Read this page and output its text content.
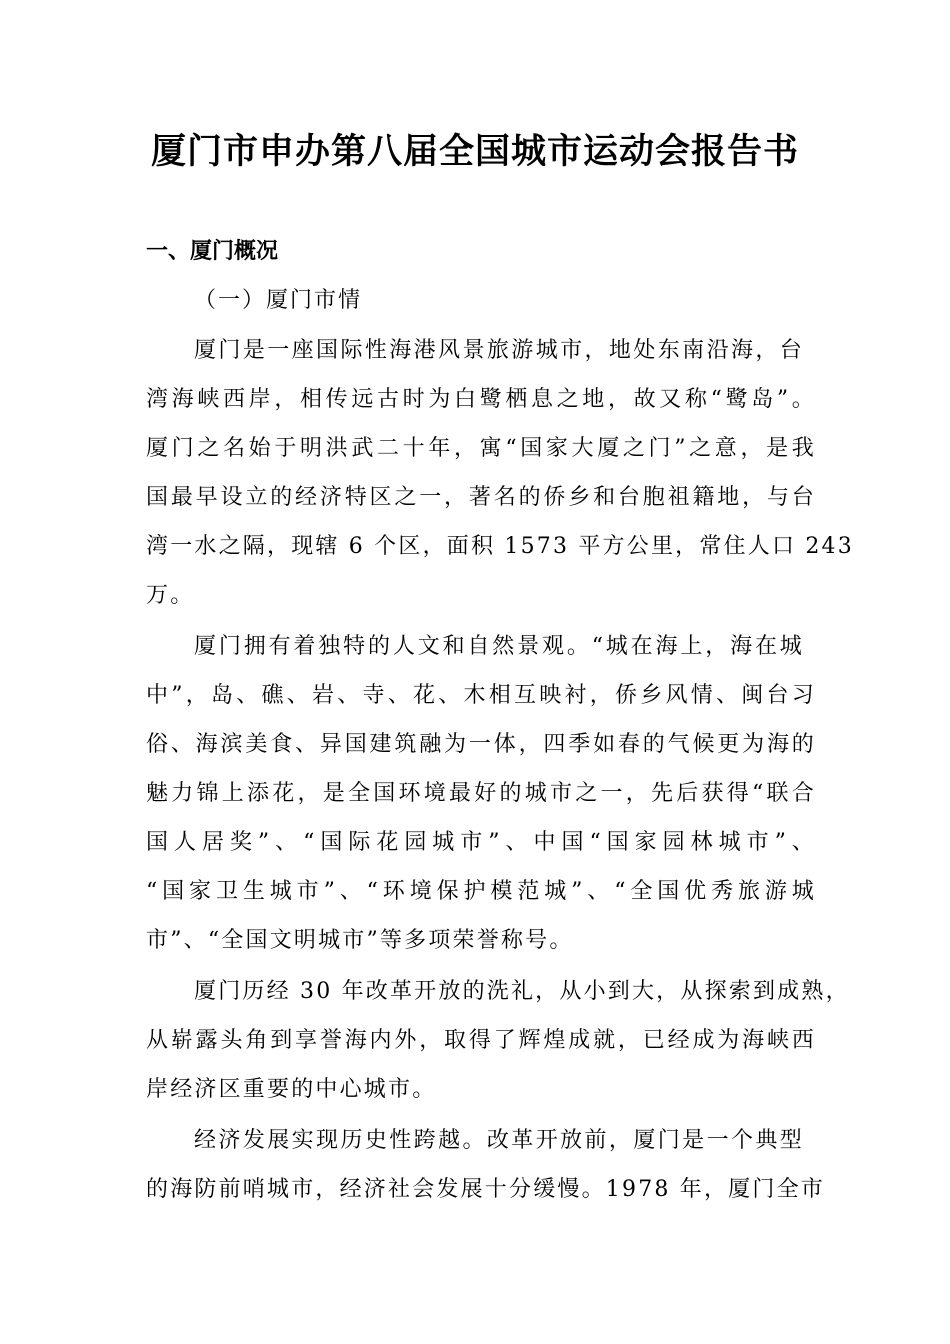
厦门市申办第八届全国城市运动会报告书
一、厦门概况
（一）厦门市情
厦门是一座国际性海港风景旅游城市，地处东南沿海，台
湾海峡西岸，相传远古时为白鹭栖息之地，故又称“鹭岛”。
厦门之名始于明洪武二十年，寓“国家大厦之门”之意，是我
国最早设立的经济特区之一，著名的侨乡和台胞祖籍地，与台
湾一水之隔，现辖 6 个区，面积 1573 平方公里，常住人口 243
万。
厦门拥有着独特的人文和自然景观。“城在海上，海在城
中”，岛、礁、岩、寺、花、木相互映衬，侨乡风情、闽台习
俗、海滨美食、异国建筑融为一体，四季如春的气候更为海的
魅力锦上添花，是全国环境最好的城市之一，先后获得“联合
国人居奖”、“国际花园城市”、中国“国家园林城市”、
“国家卫生城市”、“环境保护模范城”、“全国优秀旅游城
市”、“全国文明城市”等多项荣誉称号。
厦门历经 30 年改革开放的洗礼，从小到大，从探索到成熟，
从崭露头角到享誉海内外，取得了辉煌成就，已经成为海峡西
岸经济区重要的中心城市。
经济发展实现历史性跨越。改革开放前，厦门是一个典型
的海防前哨城市，经济社会发展十分缓慢。1978 年，厦门全市
